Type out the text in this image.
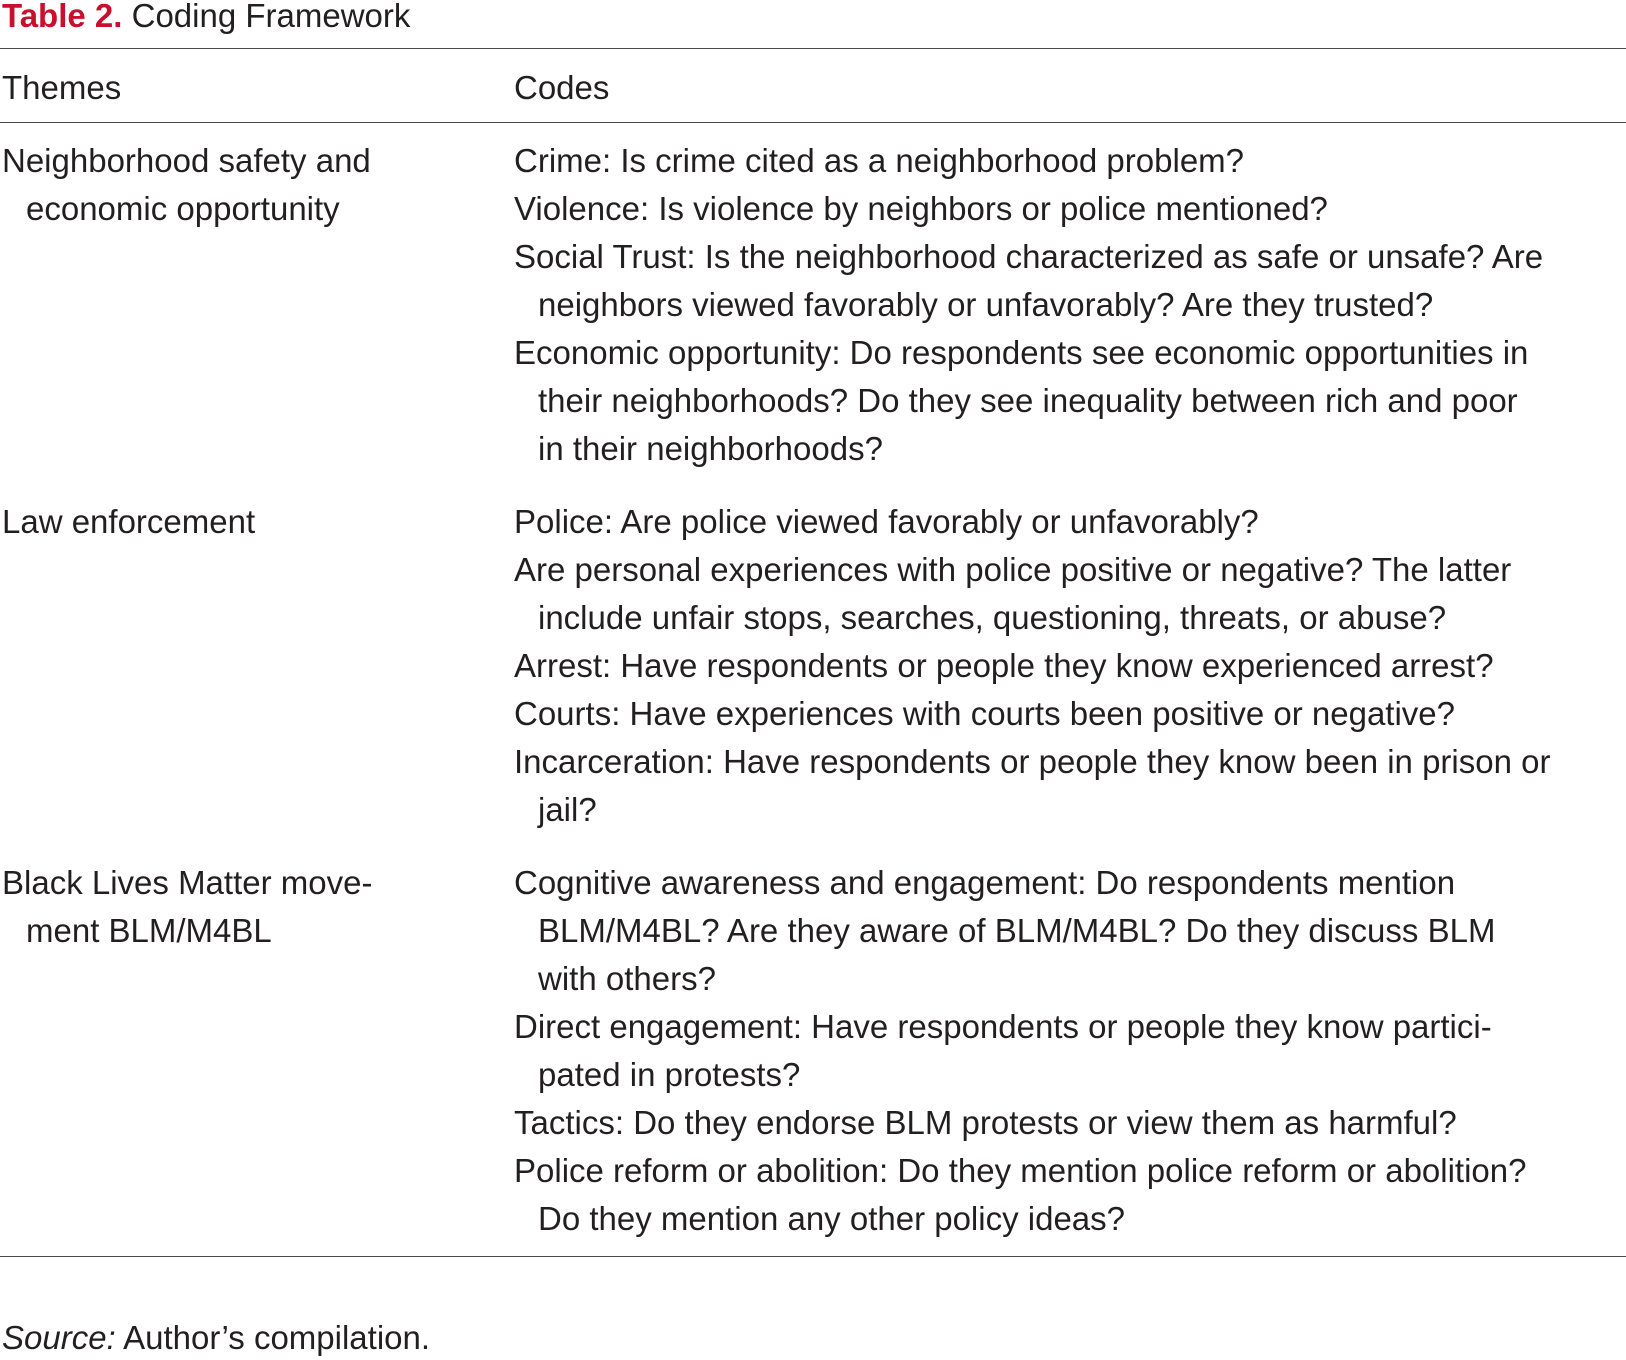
Table 2. Coding Framework
Themes	Codes
Neighborhood safety and
economic opportunity
Crime: Is crime cited as a neighborhood problem?
Violence: Is violence by neighbors or police mentioned?
Social Trust: Is the neighborhood characterized as safe or unsafe? Are
neighbors viewed favorably or unfavorably? Are they trusted?
Economic opportunity: Do respondents see economic opportunities in
their neighborhoods? Do they see inequality between rich and poor
in their neighborhoods?
Law enforcement	Police: Are police viewed favorably or unfavorably?
Are personal experiences with police positive or negative? The latter
include unfair stops, searches, questioning, threats, or abuse?
Arrest: Have respondents or people they know experienced arrest?
Courts: Have experiences with courts been positive or negative?
Incarceration: Have respondents or people they know been in prison or
jail?
Black Lives Matter move-
ment BLM/M4BL
Cognitive awareness and engagement: Do respondents mention
BLM/M4BL? Are they aware of BLM/M4BL? Do they discuss BLM
with others?
Direct engagement: Have respondents or people they know partici-
pated in protests?
Tactics: Do they endorse BLM protests or view them as harmful?
Police reform or abolition: Do they mention police reform or abolition?
Do they mention any other policy ideas?
Source: Author’s compilation.
